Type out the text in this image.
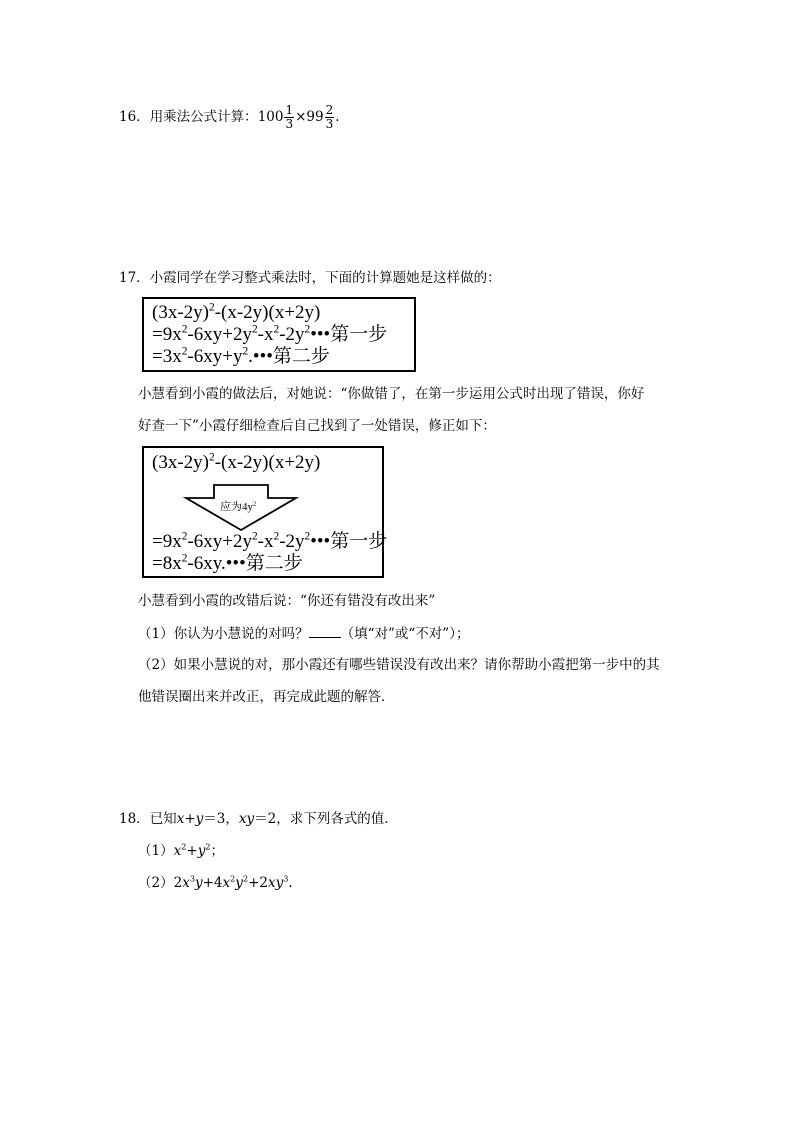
16．用乘法公式计算：$100 \frac{1}{3} \times 99 \frac{2}{3}$ .
17．小霞同学在学习整式乘法时，下面的计算题她是这样做的：
$(3x-2y)^2-(x-2y)(x+2y)$
$=9x^2-6xy+2y^2-x^2-2y^2•••$第一步
$=3x^2-6xy+y^2.•••$第二步
小慧看到小霞的做法后，对她说：“你做错了，在第一步运用公式时出现了错误，你好
好查一下”小霞仔细检查后自己找到了一处错误，修正如下：
$(3x-2y)^2-(x-2y)(x+2y)$
应为$4y^2$
$=9x^2-6xy+2y^2-x^2-2y^2•••$第一步
$=8x^2-6xy.•••$第二步
小慧看到小霞的改错后说：“你还有错没有改出来”
（1）你认为小慧说的对吗？ （填“对”或“不对”）；
（2）如果小慧说的对，那小霞还有哪些错误没有改出来？请你帮助小霞把第一步中的其
他错误圈出来并改正，再完成此题的解答．
18．已知x+y＝3，xy＝2，求下列各式的值．
$(1)x^2+y^2$；
$(2)2x^3y+4x^2y^2+2xy^3$.
